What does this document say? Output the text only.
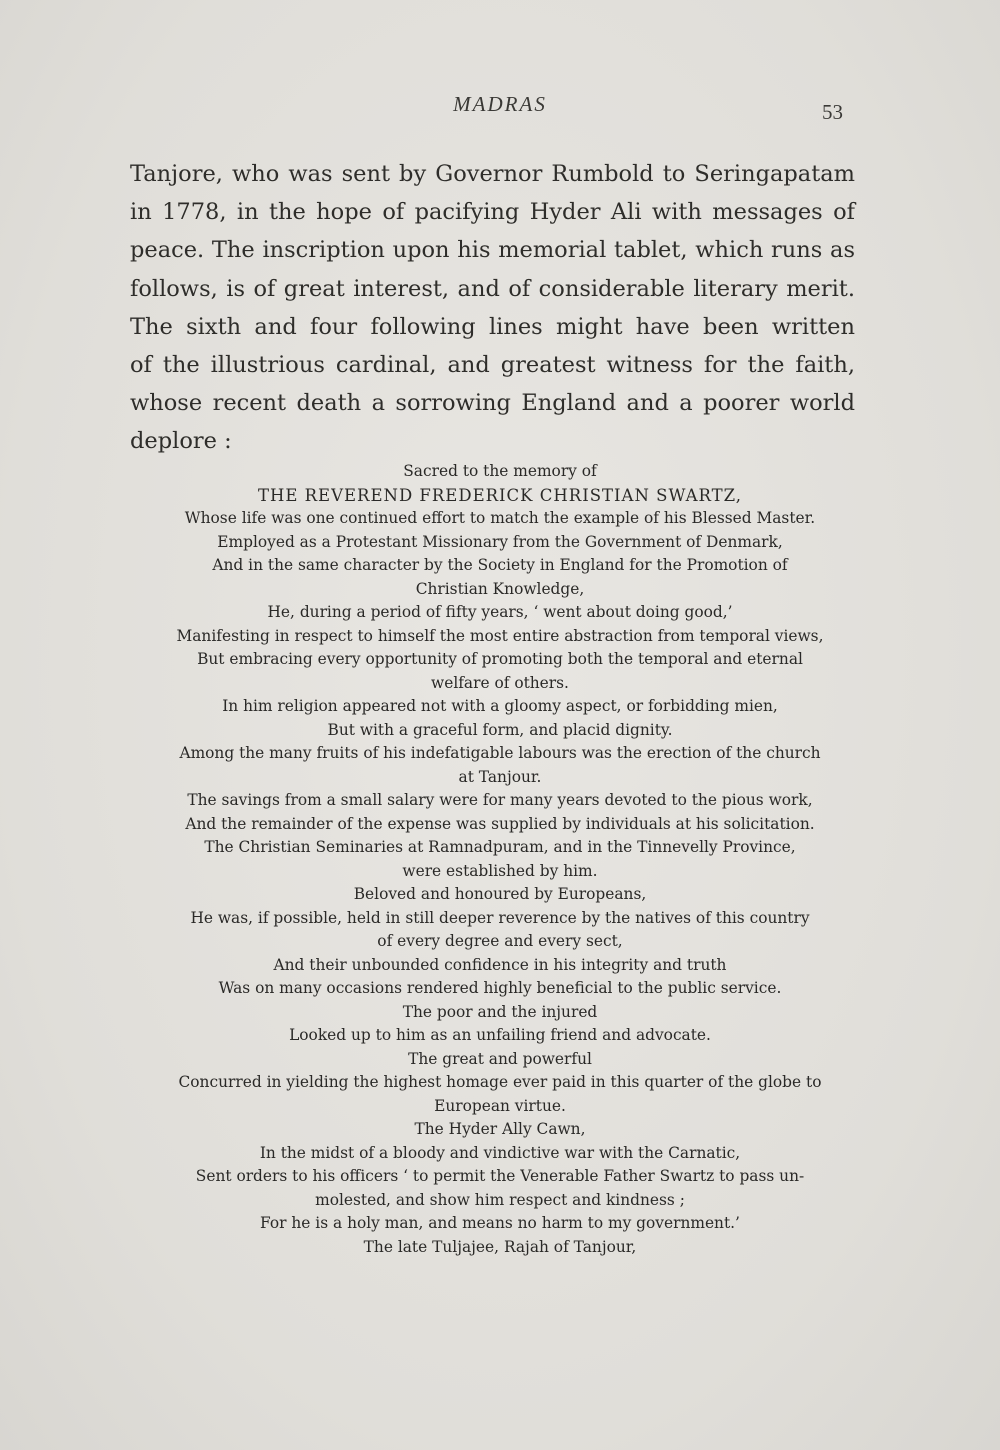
MADRAS	53
Tanjore, who was sent by Governor Rumbold to Seringapatam
in 1778, in the hope of pacifying Hyder Ali with messages of
peace. The inscription upon his memorial tablet, which runs as
follows, is of great interest, and of considerable literary merit.
The sixth and four following lines might have been written
of the illustrious cardinal, and greatest witness for the faith,
whose recent death a sorrowing England and a poorer world
deplore :
Sacred to the memory of
THE REVEREND FREDERICK CHRISTIAN SWARTZ,
Whose life was one continued effort to match the example of his Blessed Master.
Employed as a Protestant Missionary from the Government of Denmark,
And in the same character by the Society in England for the Promotion of
Christian Knowledge,
He, during a period of fifty years, ‘ went about doing good,’
Manifesting in respect to himself the most entire abstraction from temporal views,
But embracing every opportunity of promoting both the temporal and eternal
welfare of others.
In him religion appeared not with a gloomy aspect, or forbidding mien,
But with a graceful form, and placid dignity.
Among the many fruits of his indefatigable labours was the erection of the church
at Tanjour.
The savings from a small salary were for many years devoted to the pious work,
And the remainder of the expense was supplied by individuals at his solicitation.
The Christian Seminaries at Ramnadpuram, and in the Tinnevelly Province,
were established by him.
Beloved and honoured by Europeans,
He was, if possible, held in still deeper reverence by the natives of this country
of every degree and every sect,
And their unbounded confidence in his integrity and truth
Was on many occasions rendered highly beneficial to the public service.
The poor and the injured
Looked up to him as an unfailing friend and advocate.
The great and powerful
Concurred in yielding the highest homage ever paid in this quarter of the globe to
European virtue.
The Hyder Ally Cawn,
In the midst of a bloody and vindictive war with the Carnatic,
Sent orders to his officers ‘ to permit the Venerable Father Swartz to pass un-
molested, and show him respect and kindness ;
For he is a holy man, and means no harm to my government.’
The late Tuljajee, Rajah of Tanjour,
